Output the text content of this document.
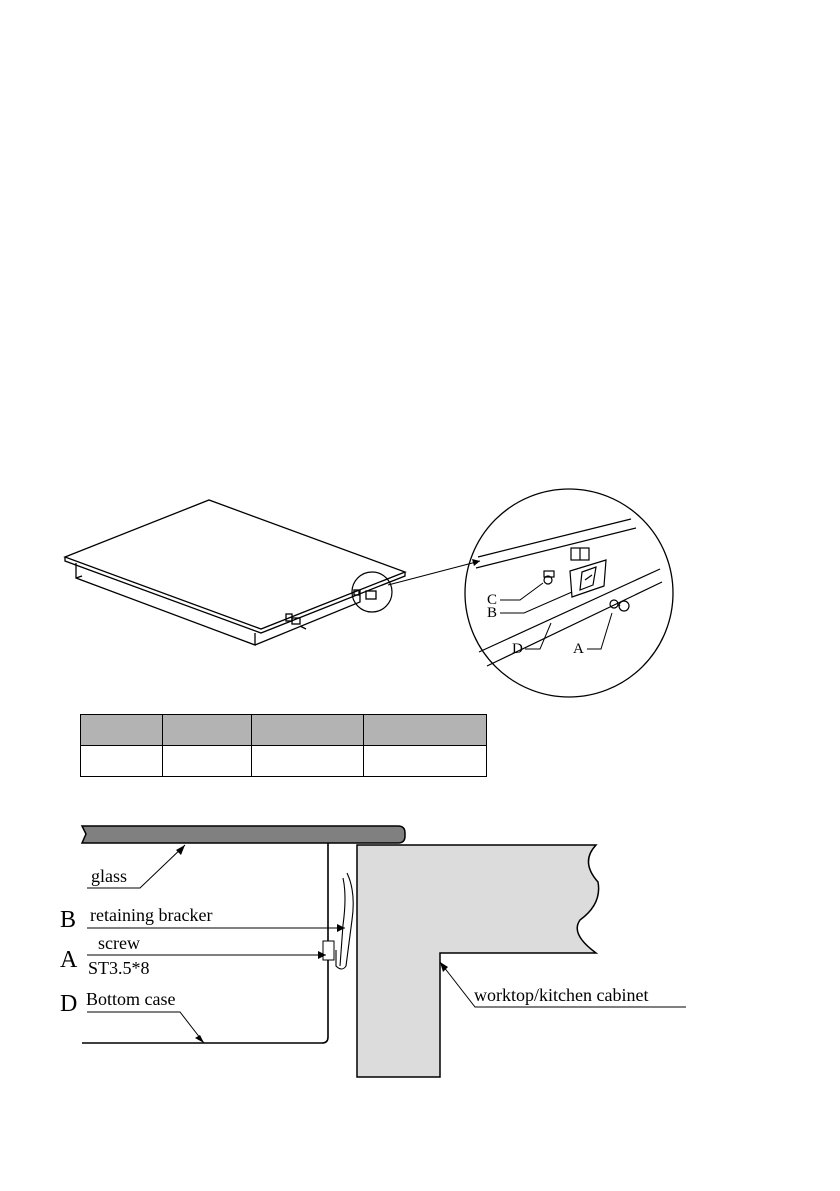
C
B
D	A

glass
B retaining bracker
A
screw
ST3.5*8
D Bottom case	worktop/kitchen cabinet
